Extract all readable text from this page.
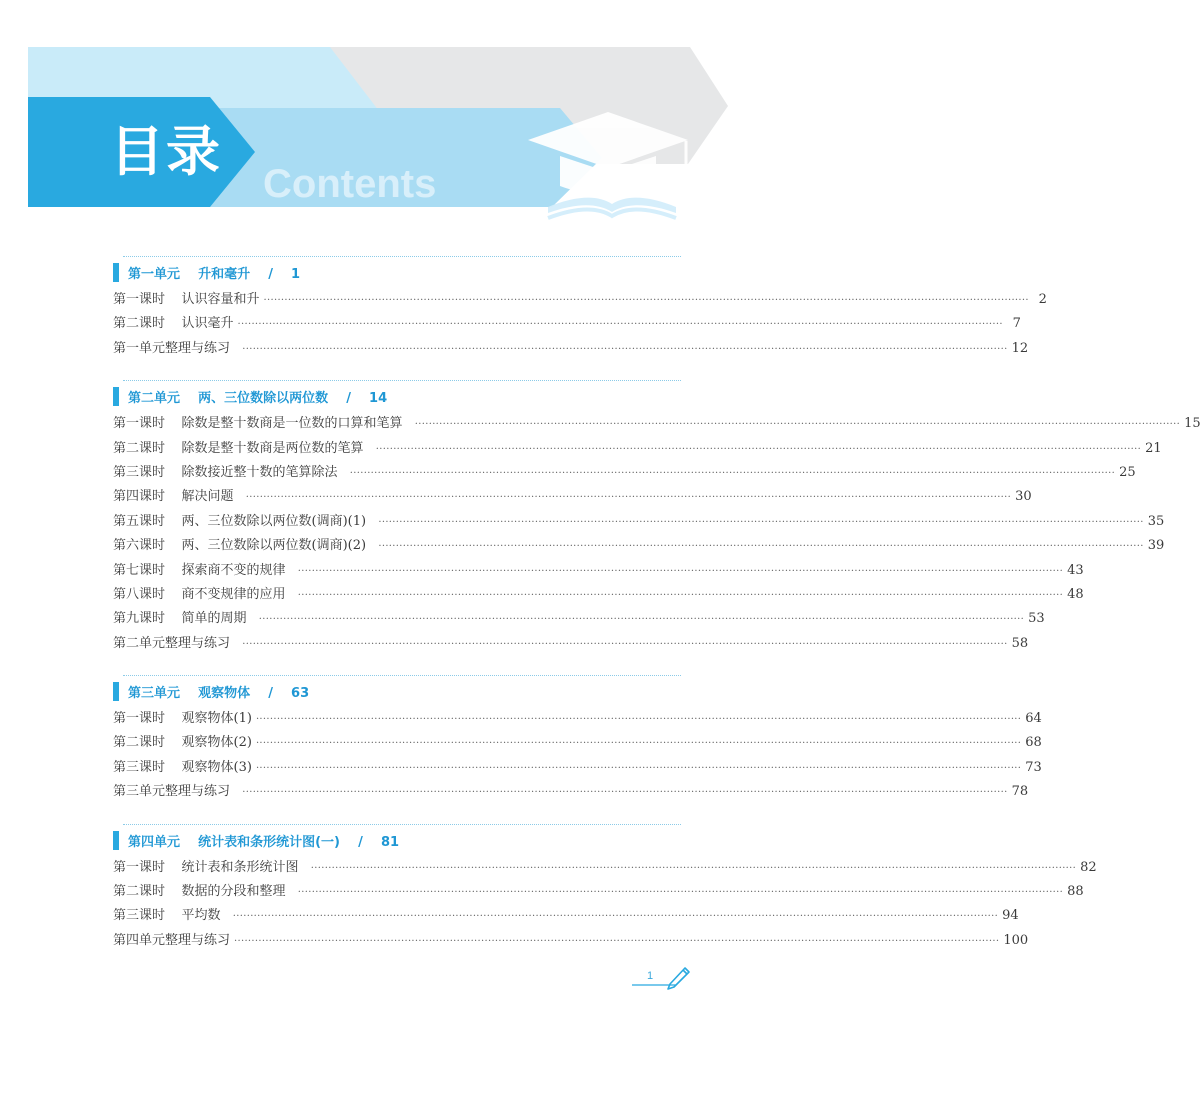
目录
Contents
第一单元    升和毫升    /    1
第一课时    认识容量和升 ···························································································································································································································· 2
第二课时    认识毫升 ···························································································································································································································· 7
第一单元整理与练习 ···························································································································································································································· 12
第二单元    两、三位数除以两位数    /    14
第一课时    除数是整十数商是一位数的口算和笔算 ···························································································································································································································· 15
第二课时    除数是整十数商是两位数的笔算 ···························································································································································································································· 21
第三课时    除数接近整十数的笔算除法 ···························································································································································································································· 25
第四课时    解决问题 ···························································································································································································································· 30
第五课时    两、三位数除以两位数(调商)(1) ···························································································································································································································· 35
第六课时    两、三位数除以两位数(调商)(2) ···························································································································································································································· 39
第七课时    探索商不变的规律 ···························································································································································································································· 43
第八课时    商不变规律的应用 ···························································································································································································································· 48
第九课时    简单的周期 ···························································································································································································································· 53
第二单元整理与练习 ···························································································································································································································· 58
第三单元    观察物体    /    63
第一课时    观察物体(1) ···························································································································································································································· 64
第二课时    观察物体(2) ···························································································································································································································· 68
第三课时    观察物体(3) ···························································································································································································································· 73
第三单元整理与练习 ···························································································································································································································· 78
第四单元    统计表和条形统计图(一)    /    81
第一课时    统计表和条形统计图 ···························································································································································································································· 82
第二课时    数据的分段和整理 ···························································································································································································································· 88
第三课时    平均数 ···························································································································································································································· 94
第四单元整理与练习 ···························································································································································································································· 100
1
